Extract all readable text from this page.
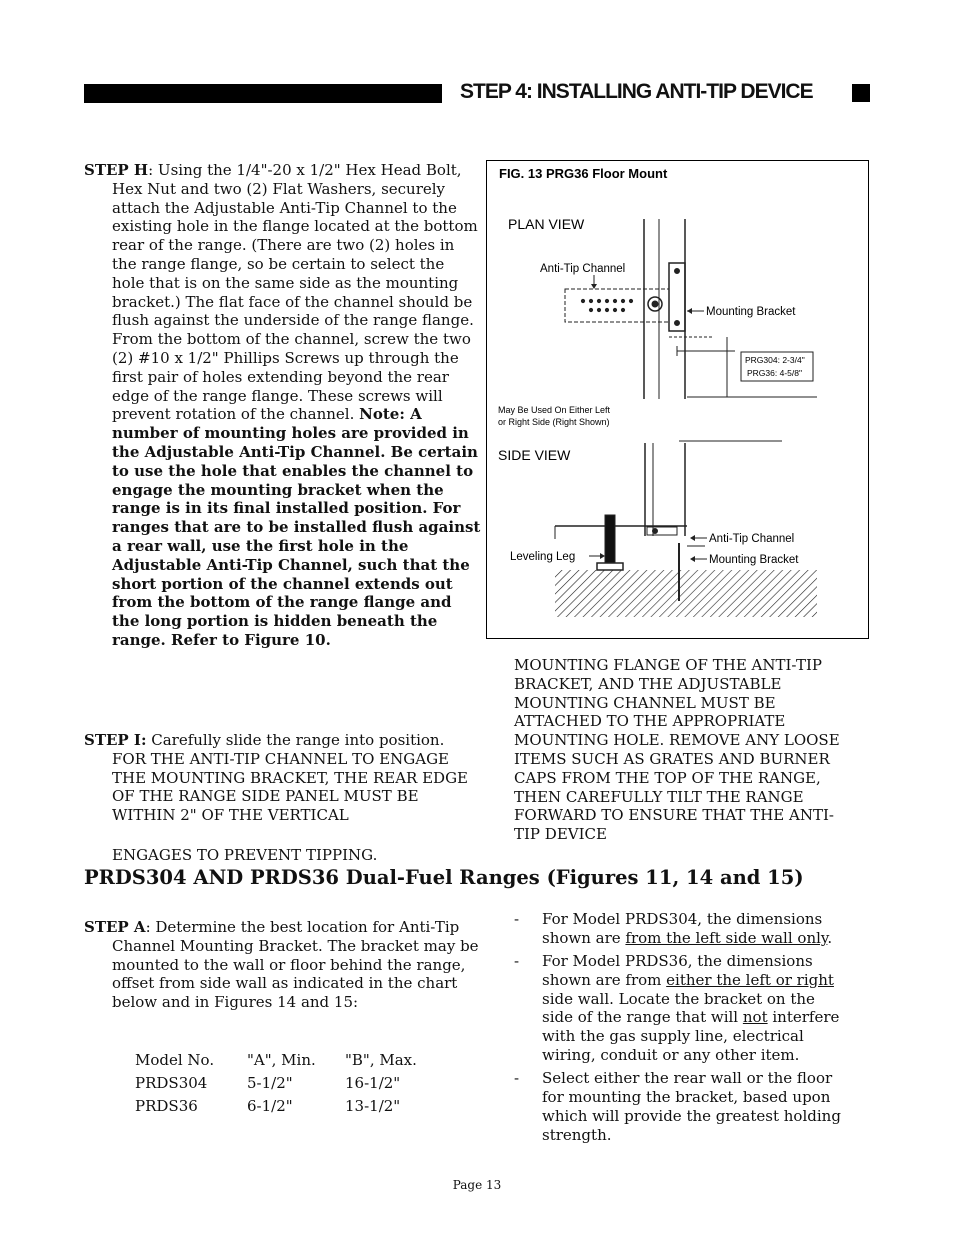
STEP 4: INSTALLING ANTI-TIP DEVICE

STEP H: Using the 1/4"-20 x 1/2" Hex Head Bolt, Hex Nut and two (2) Flat Washers, securely attach the Adjustable Anti-Tip Channel to the existing hole in the flange located at the bottom rear of the range. (There are two (2) holes in the range flange, so be certain to select the hole that is on the same side as the mounting bracket.) The flat face of the channel should be flush against the underside of the range flange. From the bottom of the channel, screw the two (2) #10 x 1/2" Phillips Screws up through the first pair of holes extending beyond the rear edge of the range flange. These screws will prevent rotation of the channel. Note: A number of mounting holes are provided in the Adjustable Anti-Tip Channel. Be certain to use the hole that enables the channel to engage the mounting bracket when the range is in its final installed position. For ranges that are to be installed flush against a rear wall, use the first hole in the Adjustable Anti-Tip Channel, such that the short portion of the channel extends out from the bottom of the range flange and the long portion is hidden beneath the range. Refer to Figure 10.

STEP I: Carefully slide the range into position. FOR THE ANTI-TIP CHANNEL TO ENGAGE THE MOUNTING BRACKET, THE REAR EDGE OF THE RANGE SIDE PANEL MUST BE WITHIN 2" OF THE VERTICAL

ENGAGES TO PREVENT TIPPING.

MOUNTING FLANGE OF THE ANTI-TIP BRACKET, AND THE ADJUSTABLE MOUNTING CHANNEL MUST BE ATTACHED TO THE APPROPRIATE MOUNTING HOLE. REMOVE ANY LOOSE ITEMS SUCH AS GRATES AND BURNER CAPS FROM THE TOP OF THE RANGE, THEN CAREFULLY TILT THE RANGE FORWARD TO ENSURE THAT THE ANTI-TIP DEVICE

FIG. 13 PRG36 Floor Mount
PLAN VIEW
Anti-Tip Channel
Mounting Bracket
PRG304: 2-3/4"
PRG36: 4-5/8"
May Be Used On Either Left
or Right Side (Right Shown)
SIDE VIEW
Leveling Leg
Anti-Tip Channel
Mounting Bracket
PRDS304 AND PRDS36 Dual-Fuel Ranges (Figures 11, 14 and 15)

STEP A: Determine the best location for Anti-Tip Channel Mounting Bracket. The bracket may be mounted to the wall or floor behind the range, offset from side wall as indicated in the chart below and in Figures 14 and 15:

Model No.	"A", Min.	"B", Max.
PRDS304	5-1/2"	16-1/2"
PRDS36	6-1/2"	13-1/2"
- For Model PRDS304, the dimensions shown are from the left side wall only.
- For Model PRDS36, the dimensions shown are from either the left or right side wall. Locate the bracket on the side of the range that will not interfere with the gas supply line, electrical wiring, conduit or any other item.
- Select either the rear wall or the floor for mounting the bracket, based upon which will provide the greatest holding strength.
Page 13
